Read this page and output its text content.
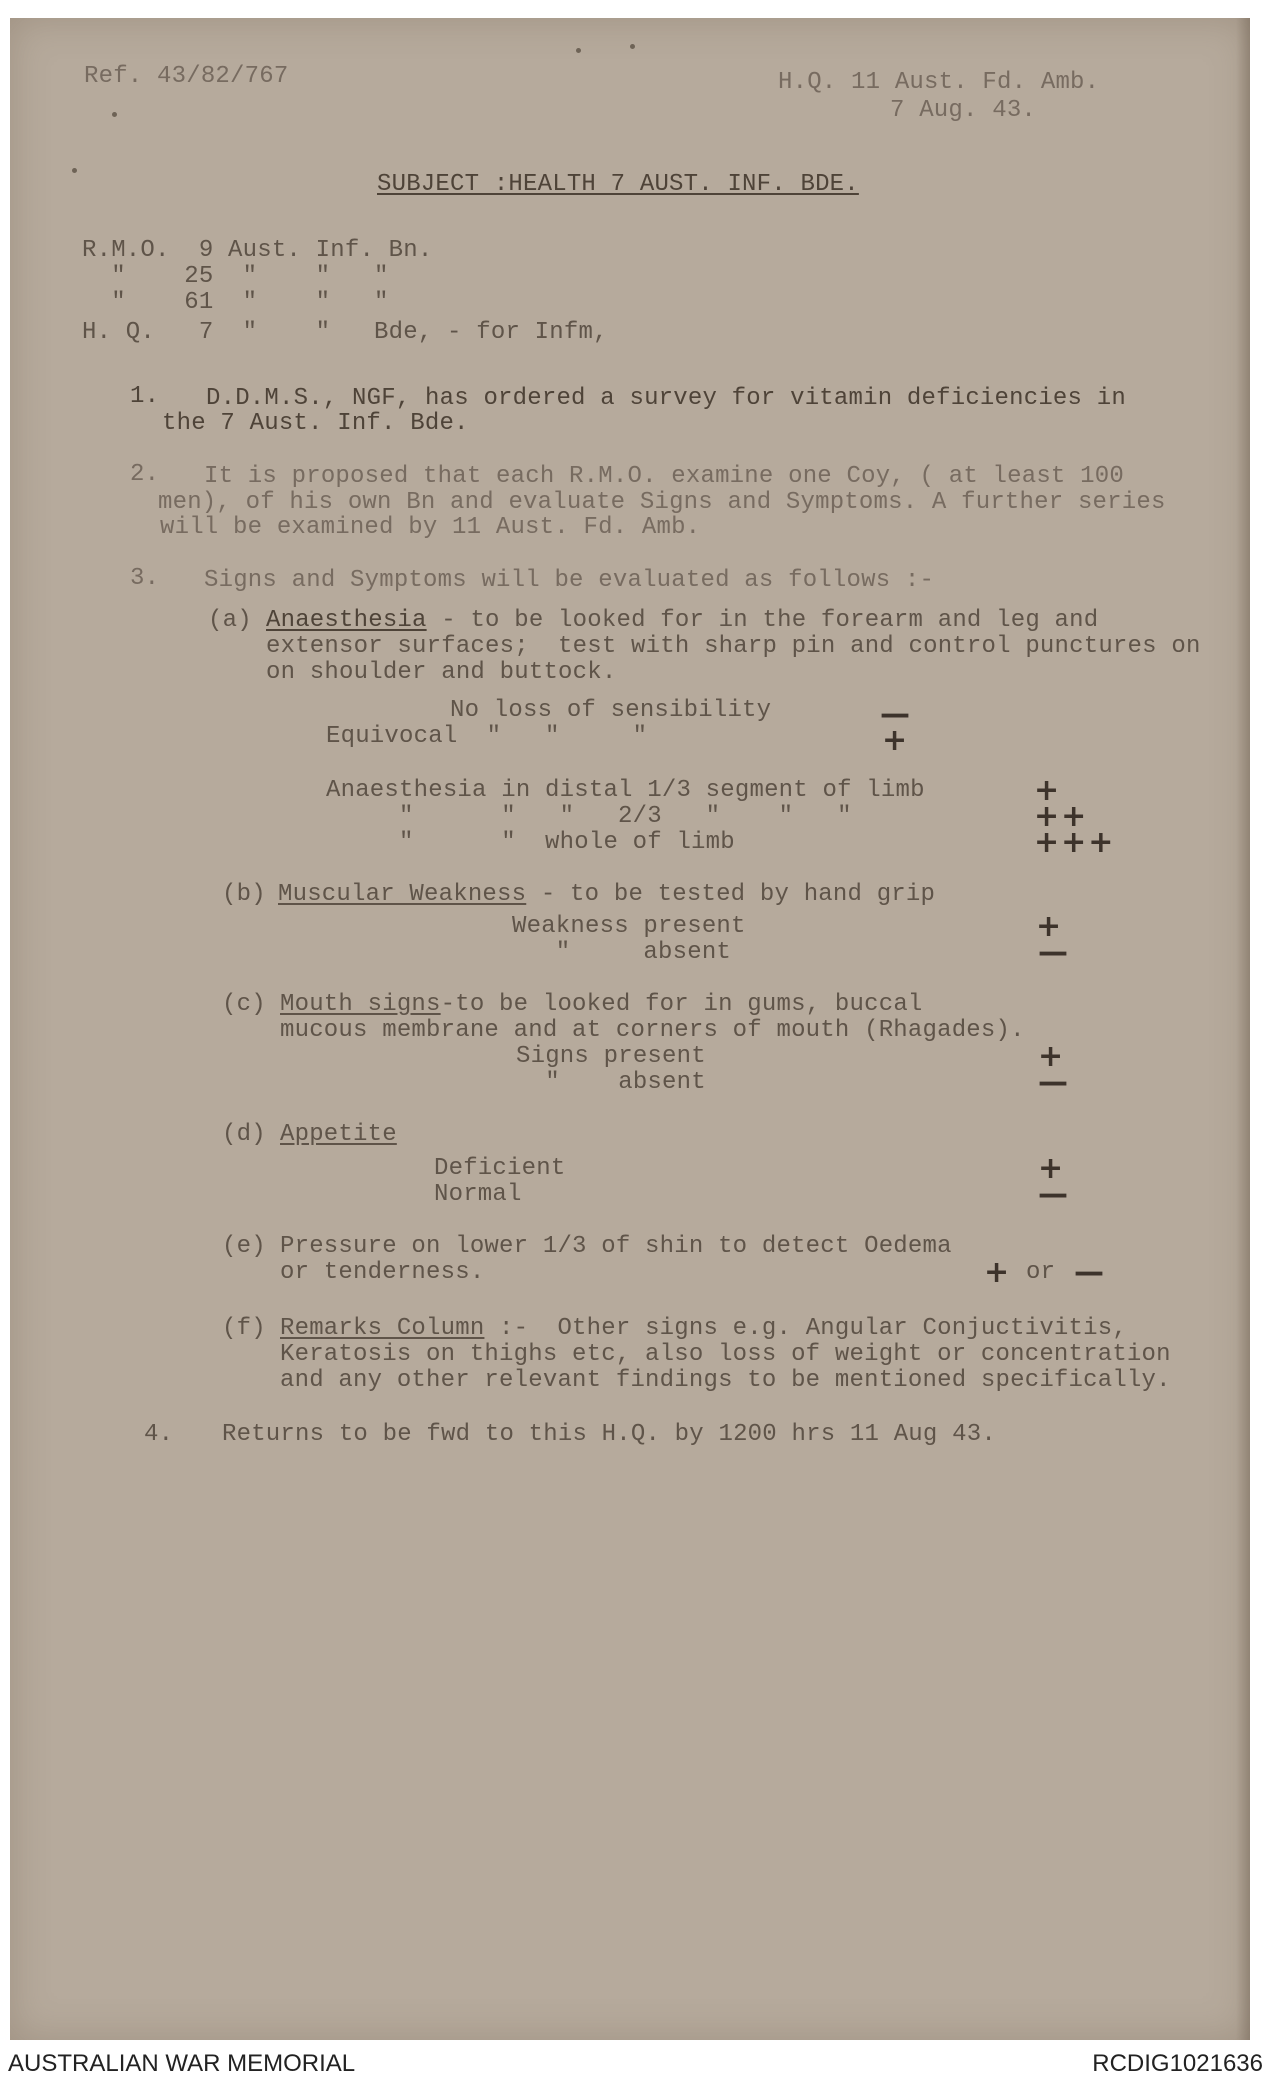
Ref. 43/82/767	H.Q. 11 Aust. Fd. Amb.
7 Aug. 43.
SUBJECT :HEALTH 7 AUST. INF. BDE.
R.M.O.  9 Aust. Inf. Bn.
"    25  "    "   "
"    61  "    "   "
H. Q.   7  "    "   Bde, - for Infm,
1. D.D.M.S., NGF, has ordered a survey for vitamin deficiencies in
the 7 Aust. Inf. Bde.
2. It is proposed that each R.M.O. examine one Coy, ( at least 100
men), of his own Bn and evaluate Signs and Symptoms. A further series
will be examined by 11 Aust. Fd. Amb.
3. Signs and Symptoms will be evaluated as follows :-
(a) Anaesthesia - to be looked for in the forearm and leg and
extensor surfaces;  test with sharp pin and control punctures on
on shoulder and buttock.
No loss of sensibility	—
Equivocal  "   "     "	+
Anaesthesia in distal 1/3 segment of limb	+
"      "   "   2/3   "    "   "	++
"      "  whole of limb	+++
(b) Muscular Weakness - to be tested by hand grip
Weakness present	+
"     absent	—
(c) Mouth signs-to be looked for in gums, buccal
mucous membrane and at corners of mouth (Rhagades).
Signs present	+
"    absent	—
(d) Appetite
Deficient	+
Normal	—
(e) Pressure on lower 1/3 of shin to detect Oedema
or tenderness.	+ or —
(f) Remarks Column :-  Other signs e.g. Angular Conjuctivitis,
Keratosis on thighs etc, also loss of weight or concentration
and any other relevant findings to be mentioned specifically.
4. Returns to be fwd to this H.Q. by 1200 hrs 11 Aug 43.
AUSTRALIAN WAR MEMORIAL	RCDIG1021636
